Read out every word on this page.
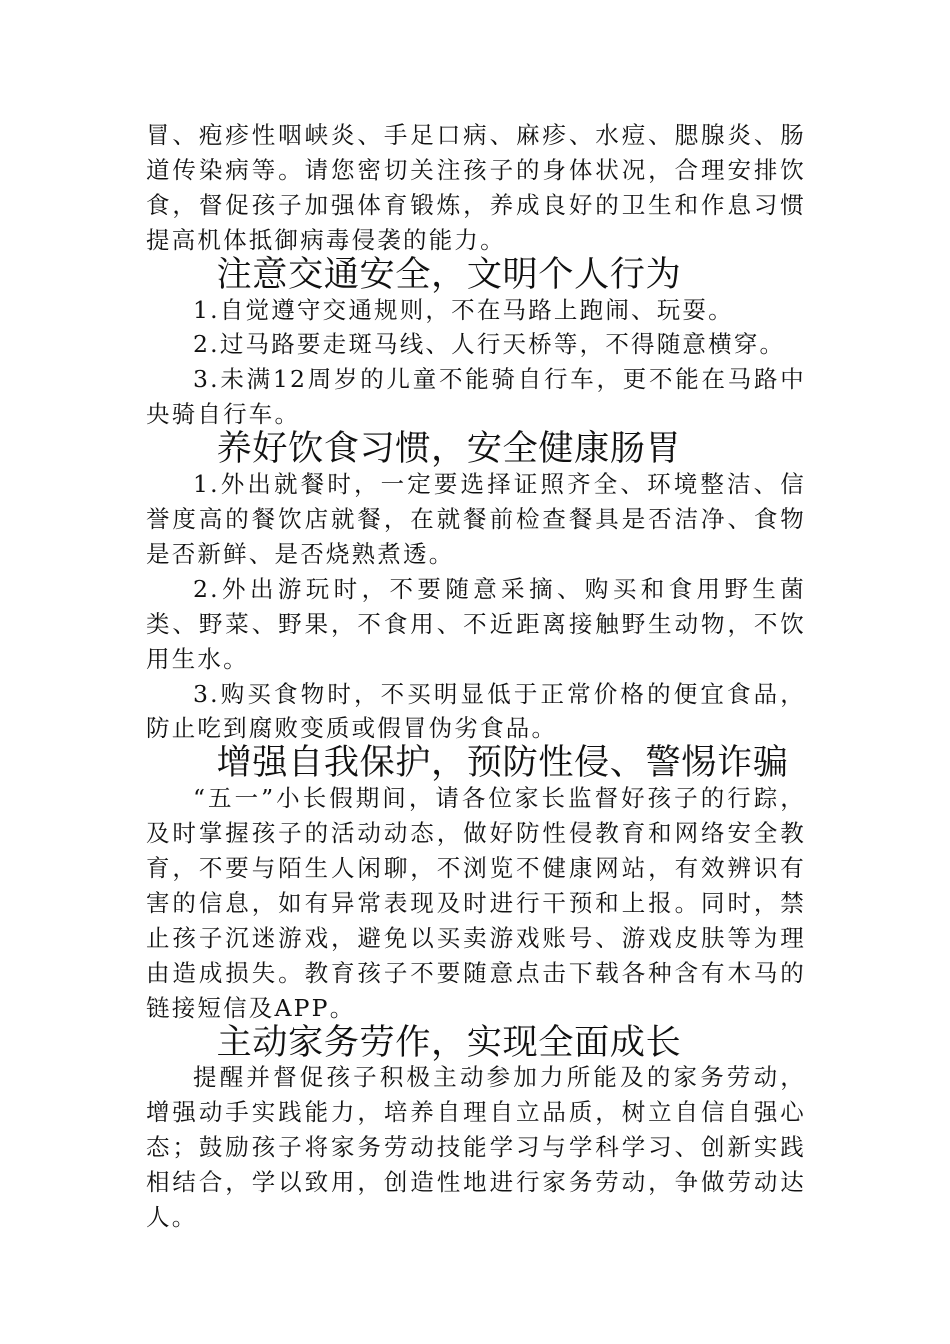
冒、疱疹性咽峡炎、手足口病、麻疹、水痘、腮腺炎、肠道传染病等。请您密切关注孩子的身体状况，合理安排饮食，督促孩子加强体育锻炼，养成良好的卫生和作息习惯提高机体抵御病毒侵袭的能力。

注意交通安全，文明个人行为

1.自觉遵守交通规则，不在马路上跑闹、玩耍。

2.过马路要走斑马线、人行天桥等，不得随意横穿。

3.未满12周岁的儿童不能骑自行车，更不能在马路中央骑自行车。

养好饮食习惯，安全健康肠胃

1.外出就餐时，一定要选择证照齐全、环境整洁、信誉度高的餐饮店就餐，在就餐前检查餐具是否洁净、食物是否新鲜、是否烧熟煮透。

2.外出游玩时，不要随意采摘、购买和食用野生菌类、野菜、野果，不食用、不近距离接触野生动物，不饮用生水。

3.购买食物时，不买明显低于正常价格的便宜食品，防止吃到腐败变质或假冒伪劣食品。

增强自我保护，预防性侵、警惕诈骗

“五一”小长假期间，请各位家长监督好孩子的行踪，及时掌握孩子的活动动态，做好防性侵教育和网络安全教育，不要与陌生人闲聊，不浏览不健康网站，有效辨识有害的信息，如有异常表现及时进行干预和上报。同时，禁止孩子沉迷游戏，避免以买卖游戏账号、游戏皮肤等为理由造成损失。教育孩子不要随意点击下载各种含有木马的链接短信及APP。

主动家务劳作，实现全面成长

提醒并督促孩子积极主动参加力所能及的家务劳动，增强动手实践能力，培养自理自立品质，树立自信自强心态；鼓励孩子将家务劳动技能学习与学科学习、创新实践相结合，学以致用，创造性地进行家务劳动，争做劳动达人。
